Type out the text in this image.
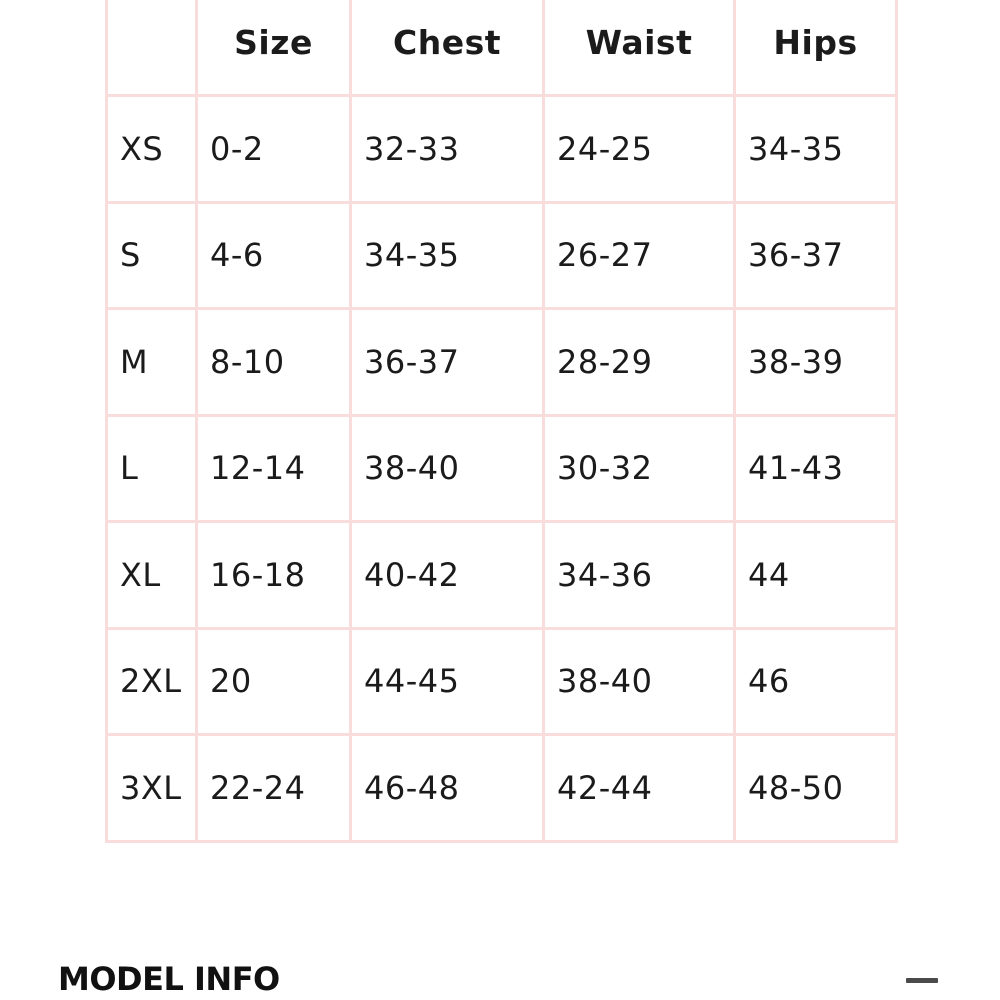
	Size	Chest	Waist	Hips
XS	0-2	32-33	24-25	34-35
S	4-6	34-35	26-27	36-37
M	8-10	36-37	28-29	38-39
L	12-14	38-40	30-32	41-43
XL	16-18	40-42	34-36	44
2XL	20	44-45	38-40	46
3XL	22-24	46-48	42-44	48-50
MODEL INFO
